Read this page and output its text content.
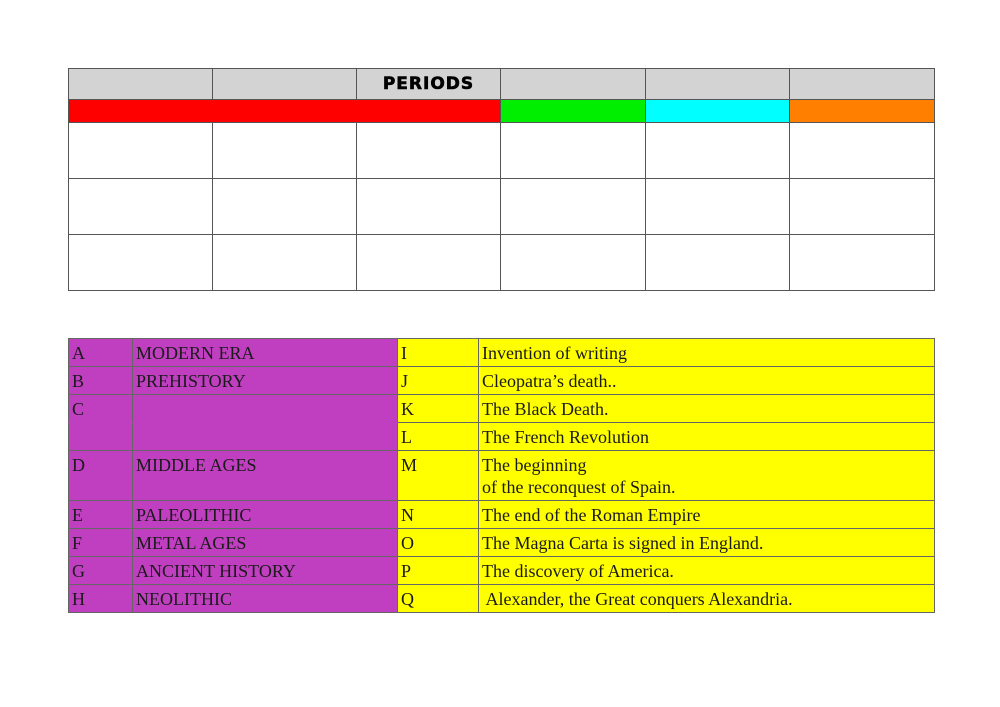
		PERIODS			

A	MODERN ERA	I	Invention of writing
B	PREHISTORY	J	Cleopatra’s death..
C		K	The Black Death.
		L	The French Revolution
D	MIDDLE AGES	M	The beginning
of the reconquest of Spain.

E	PALEOLITHIC	N	The end of the Roman Empire
F	METAL AGES	O	The Magna Carta is signed in England.
G	ANCIENT HISTORY	P	The discovery of America.
H	NEOLITHIC	Q	Alexander, the Great conquers Alexandria.
